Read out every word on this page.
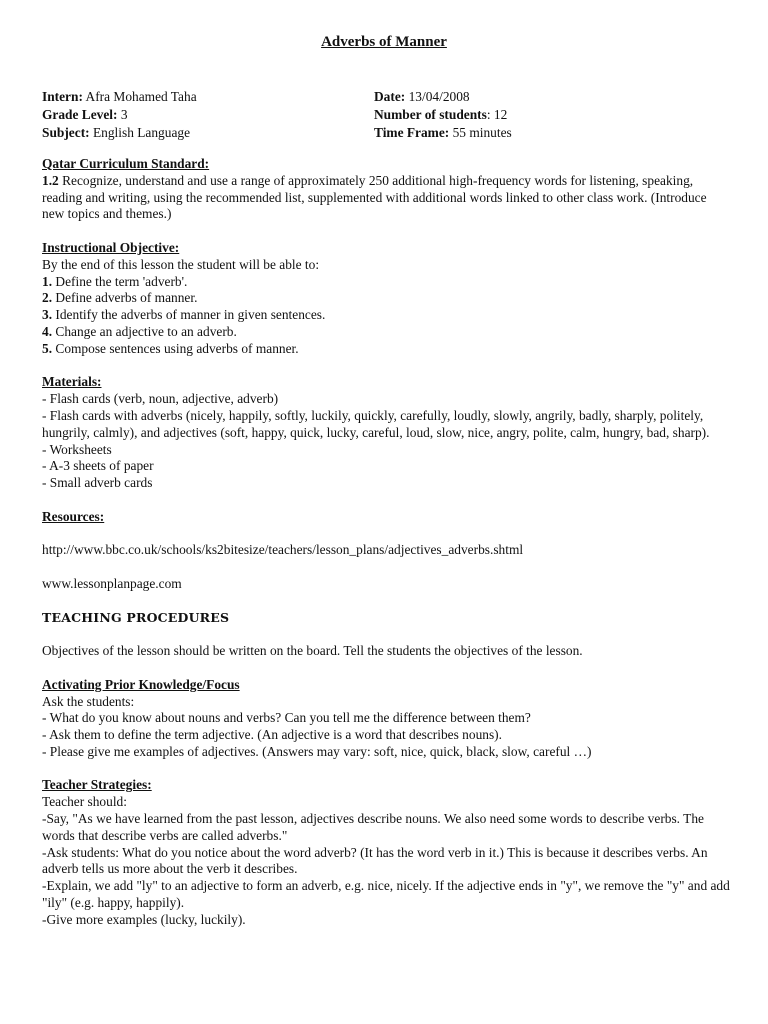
Adverbs of Manner
Intern: Afra Mohamed Taha	Date: 13/04/2008
Grade Level: 3	Number of students: 12
Subject: English Language	Time Frame: 55 minutes
Qatar Curriculum Standard:

1.2 Recognize, understand and use a range of approximately 250 additional high-frequency words for listening, speaking, reading and writing, using the recommended list, supplemented with additional words linked to other class work. (Introduce new topics and themes.)

Instructional Objective:
By the end of this lesson the student will be able to:
1. Define the term 'adverb'.
2. Define adverbs of manner.
3. Identify the adverbs of manner in given sentences.
4. Change an adjective to an adverb.
5. Compose sentences using adverbs of manner.
Materials:
- Flash cards (verb, noun, adjective, adverb)
- Flash cards with adverbs (nicely, happily, softly, luckily, quickly, carefully, loudly, slowly, angrily, badly, sharply, politely, hungrily, calmly), and adjectives (soft, happy, quick, lucky, careful, loud, slow, nice, angry, polite, calm, hungry, bad, sharp).
- Worksheets
- A-3 sheets of paper
- Small adverb cards
Resources:
http://www.bbc.co.uk/schools/ks2bitesize/teachers/lesson_plans/adjectives_adverbs.shtml
www.lessonplanpage.com
TEACHING PROCEDURES
Objectives of the lesson should be written on the board. Tell the students the objectives of the lesson.
Activating Prior Knowledge/Focus
Ask the students:
- What do you know about nouns and verbs? Can you tell me the difference between them?
- Ask them to define the term adjective. (An adjective is a word that describes nouns).
- Please give me examples of adjectives. (Answers may vary: soft, nice, quick, black, slow, careful …)
Teacher Strategies:
Teacher should:
-Say, "As we have learned from the past lesson, adjectives describe nouns. We also need some words to describe verbs. The words that describe verbs are called adverbs."
-Ask students: What do you notice about the word adverb? (It has the word verb in it.) This is because it describes verbs. An adverb tells us more about the verb it describes.
-Explain, we add "ly" to an adjective to form an adverb, e.g. nice, nicely. If the adjective ends in "y", we remove the "y" and add "ily" (e.g. happy, happily).
-Give more examples (lucky, luckily).
